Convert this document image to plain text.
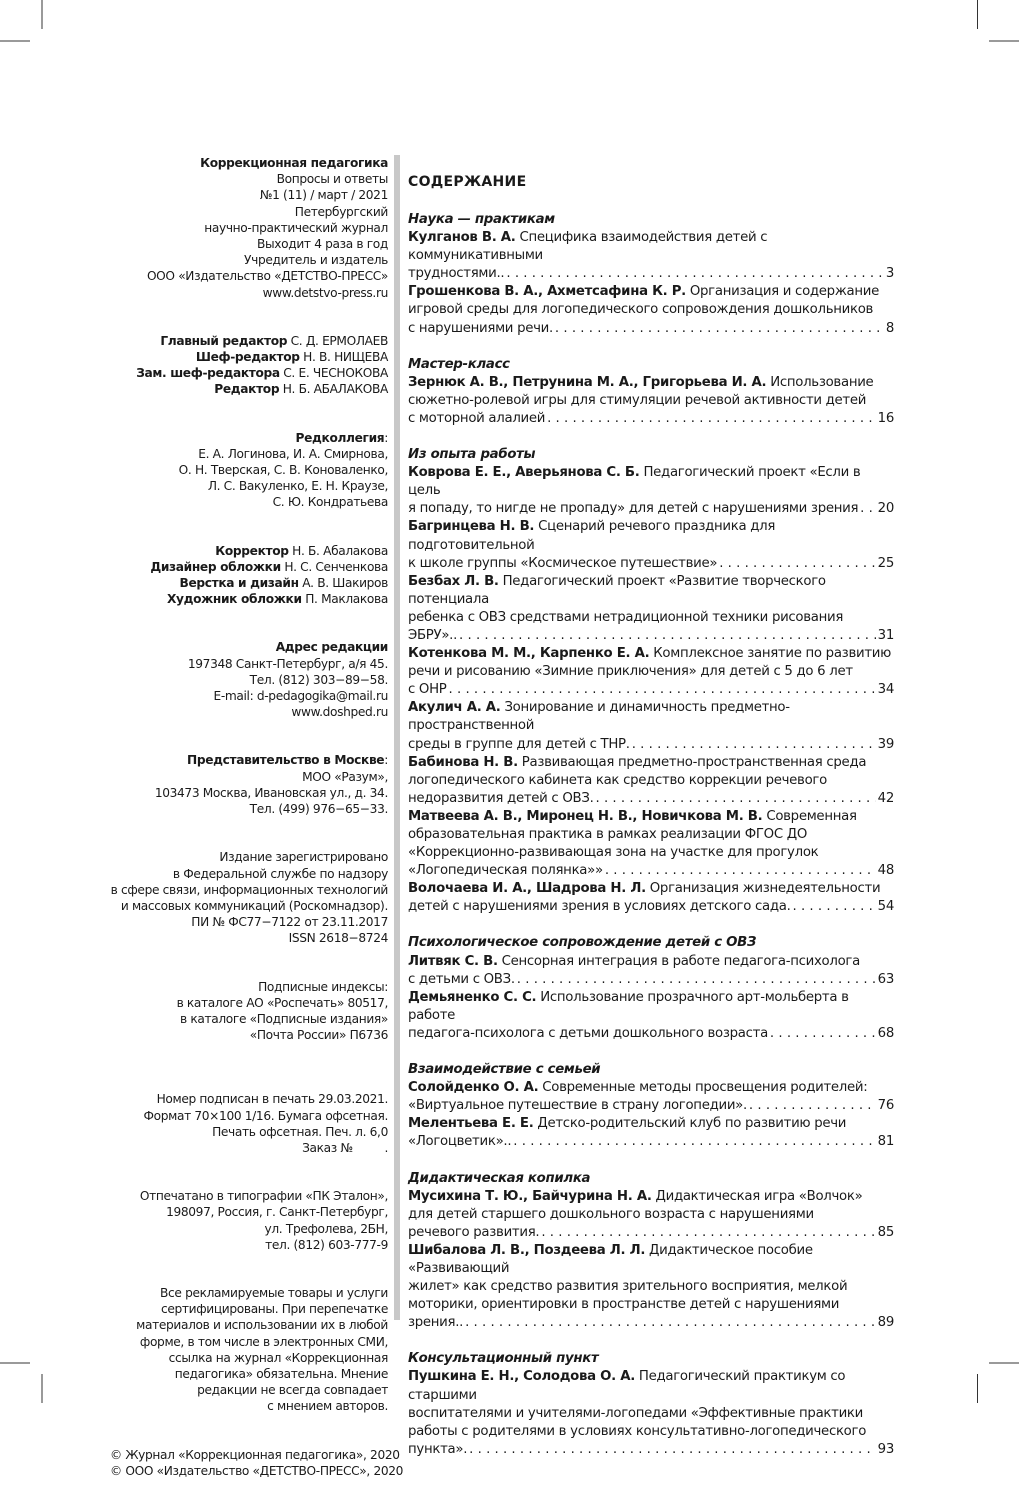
Коррекционная педагогика
Вопросы и ответы
№1 (11) / март / 2021
Петербургский
научно-практический журнал
Выходит 4 раза в год
Учредитель и издатель
ООО «Издательство «ДЕТСТВО-ПРЕСС»
www.detstvo-press.ru
Главный редактор С. Д. ЕРМОЛАЕВ
Шеф-редактор Н. В. НИЩЕВА
Зам. шеф-редактора С. Е. ЧЕСНОКОВА
Редактор Н. Б. АБАЛАКОВА
Редколлегия:
Е. А. Логинова, И. А. Смирнова,
О. Н. Тверская, С. В. Коноваленко,
Л. С. Вакуленко, Е. Н. Краузе,
С. Ю. Кондратьева
Корректор Н. Б. Абалакова
Дизайнер обложки Н. С. Сенченкова
Верстка и дизайн А. В. Шакиров
Художник обложки П. Маклакова
Адрес редакции
197348 Санкт-Петербург, а/я 45.
Тел. (812) 303−89−58.
E-mail: d-pedagogika@mail.ru
www.doshped.ru
Представительство в Москве:
МОО «Разум»,
103473 Москва, Ивановская ул., д. 34.
Тел. (499) 976−65−33.
Издание зарегистрировано
в Федеральной службе по надзору
в сфере связи, информационных технологий
и массовых коммуникаций (Роскомнадзор).
ПИ № ФС77−7122 от 23.11.2017
ISSN 2618−8724
Подписные индексы:
в каталоге АО «Роспечать» 80517,
в каталоге «Подписные издания»
«Почта России» П6736
Номер подписан в печать 29.03.2021.
Формат 70×100 1/16. Бумага офсетная.
Печать офсетная. Печ. л. 6,0
Заказ №         .
Отпечатано в типографии «ПК Эталон»,
198097, Россия, г. Санкт-Петербург,
ул. Трефолева, 2БН,
тел. (812) 603-777-9
Все рекламируемые товары и услуги
сертифицированы. При перепечатке
материалов и использовании их в любой
форме, в том числе в электронных СМИ,
ссылка на журнал «Коррекционная
педагогика» обязательна. Мнение
редакции не всегда совпадает
с мнением авторов.
© Журнал «Коррекционная педагогика», 2020
© ООО «Издательство «ДЕТСТВО-ПРЕСС», 2020
СОДЕРЖАНИЕ
Наука — практикам
Кулганов В. А. Специфика взаимодействия детей с коммуникативными
трудностями.. . . .	3
Грошенкова В. А., Ахметсафина К. Р. Организация и содержание
игровой среды для логопедического сопровождения дошкольников
с нарушениями речи. . . .	8
Мастер-класс
Зернюк А. В., Петрунина М. А., Григорьева И. А. Использование
сюжетно-ролевой игры для стимуляции речевой активности детей
с моторной алалией . . .	16
Из опыта работы
Коврова Е. Е., Аверьянова С. Б. Педагогический проект «Если в цель
я попаду, то нигде не пропаду» для детей с нарушениями зрения . . . 20
Багринцева Н. В. Сценарий речевого праздника для подготовительной
к школе группы «Космическое путешествие» . . .	25
Безбах Л. В. Педагогический проект «Развитие творческого потенциала
ребенка с ОВЗ средствами нетрадиционной техники рисования
ЭБРУ».. . . .	31
Котенкова М. М., Карпенко Е. А. Комплексное занятие по развитию
речи и рисованию «Зимние приключения» для детей с 5 до 6 лет
с ОНР . . .	34
Акулич А. А. Зонирование и динамичность предметно-пространственной
среды в группе для детей с ТНР. . . .	39
Бабинова Н. В. Развивающая предметно-пространственная среда
логопедического кабинета как средство коррекции речевого
недоразвития детей с ОВЗ. . . .	42
Матвеева А. В., Миронец Н. В., Новичкова М. В. Современная
образовательная практика в рамках реализации ФГОС ДО
«Коррекционно-развивающая зона на участке для прогулок
«Логопедическая полянка»» . . .	48
Волочаева И. А., Шадрова Н. Л. Организация жизнедеятельности
детей с нарушениями зрения в условиях детского сада. . . .	54
Психологическое сопровождение детей с ОВЗ
Литвяк С. В. Сенсорная интеграция в работе педагога-психолога
с детьми с ОВЗ. . . .	63
Демьяненко С. С. Использование прозрачного арт-мольберта в работе
педагога-психолога с детьми дошкольного возраста . . .	68
Взаимодействие с семьей
Солойденко О. А. Современные методы просвещения родителей:
«Виртуальное путешествие в страну логопедии». . . .	76
Мелентьева Е. Е. Детско-родительский клуб по развитию речи
«Логоцветик».. . . .	81
Дидактическая копилка
Мусихина Т. Ю., Байчурина Н. А. Дидактическая игра «Волчок»
для детей старшего дошкольного возраста с нарушениями
речевого развития. . . .	85
Шибалова Л. В., Поздеева Л. Л. Дидактическое пособие «Развивающий
жилет» как средство развития зрительного восприятия, мелкой
моторики, ориентировки в пространстве детей с нарушениями
зрения.. . . .	89
Консультационный пункт
Пушкина Е. Н., Солодова О. А. Педагогический практикум со старшими
воспитателями и учителями-логопедами «Эффективные практики
работы с родителями в условиях консультативно-логопедического
пункта». . . .	93
